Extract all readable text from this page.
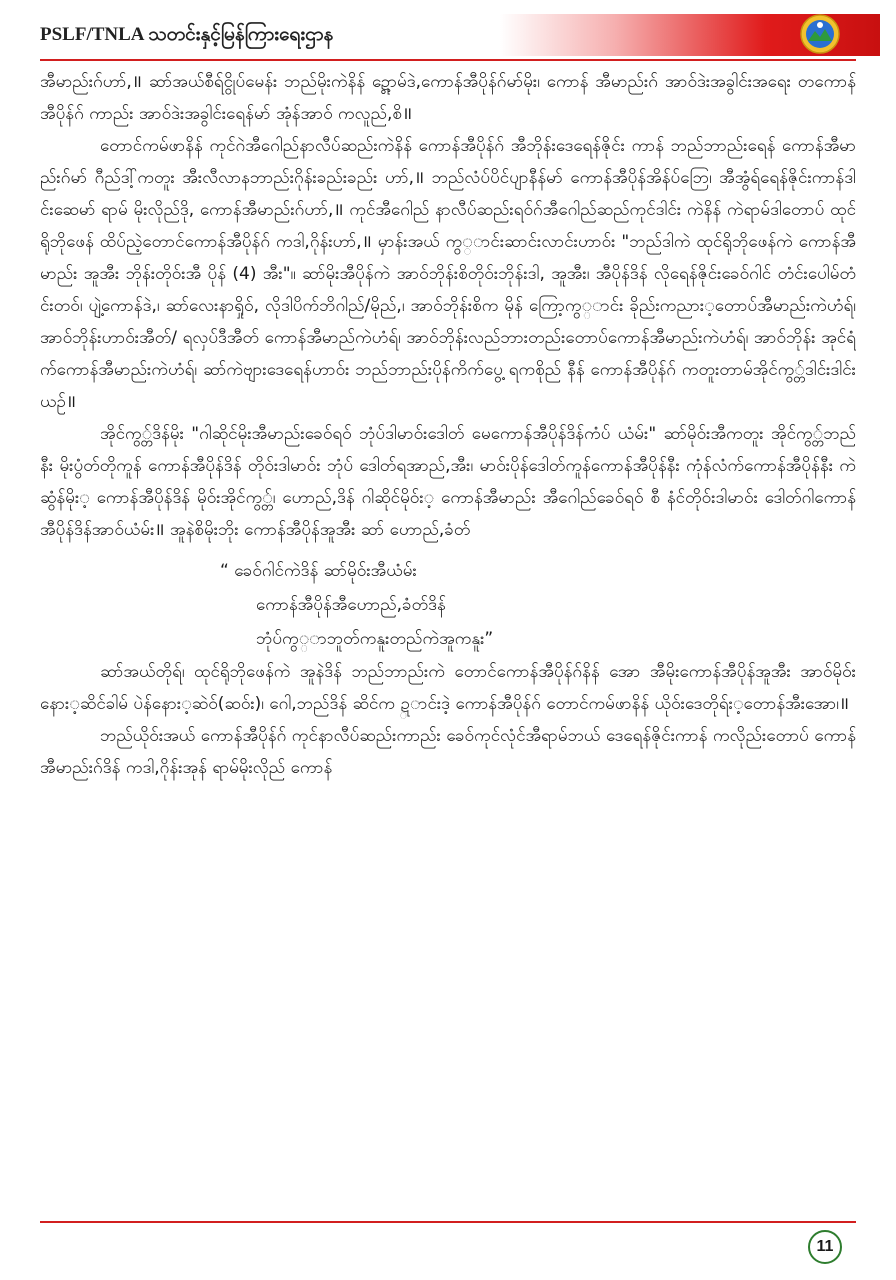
PSLF/TNLA သတင်းနှင့်မြန်ကြားရေးဌာန

အီမာည်းဂ်ဟာ်,॥ ဆာ်အယ်စီရ်ငွိုပ်မေန်း ဘည်မိုးကဲနိန် ဍွေ့ာမ်ဒဲ,ကောန်အီပိုန်ဂ်မာ်မိုး၊ ကောန် အီမာည်းဂ် အာဝ်ဒဲးအခွါင်းအရေး တကောန်အီပိုန်ဂ် ကာည်း အာဝ်ဒဲးအခွါင်းရေန်မာ် အုံန်အာဝ် ကလူည်,စိ॥

တောင်ကမ်ဖာနိန် ကုင်ဂဲအီဂေါည်နာလီပ်ဆည်းကဲနိန် ကောန်အီပိုန်ဂ် အီဘိုန်းဒေရေန်ဇိုင်း ကာန် ဘည်ဘာည်းရေန် ကောန်အီမာည်းဂ်မာ် ဂီည်ဒါ့်ကတူး အီးလီလာနဘာည်းဂိုန်းခည်းခည်း ဟာ်,॥ ဘည်လံပ်ပိင်ပျာနီန်မာ် ကောန်အီပိုန်အိန်ပ်ဘြေ၊ အီအွံရ်ရေန်ဇိုင်းကာန်ဒါင်းဆေမာ် ရာမ် မိုးလိုည်ဒို, ကောန်အီမာည်းဂ်ဟာ်,॥ ကုင်အီဂေါည် နာလီပ်ဆည်းရဝ်ဂ်အီဂေါည်ဆည်ကုင်ဒါင်း ကဲနိန် ကဲရာမ်ဒါတောပ် ထုင်ရိုဘိုဖေန် ထိပ်ညဲ့တောင်ကောန်အီပိုန်ဂ် ကဒါ,ဂိုန်းဟာ်,॥ မှာန်းအယ် ကွ္ာင်းဆာင်းလာင်းဟာဝ်း "ဘည်ဒါကဲ ထုင်ရိုဘိုဖေန်ကဲ ကောန်အီမာည်း အူအီး ဘိုန်းတိုဝ်းအီ ပိုန် (4) အီး"။ ဆာ်မိုးအီပိုန်ကဲ အာဝ်ဘိုန်းစိတိုဝ်းဘိုန်းဒါ, အူအီး၊ အီပိုန်ဒိန် လိုရေန်ဇိုင်းခေဝ်ဂါင် တံင်းပေါမ်တံင်းတဝ်၊ ပျဲ့ကောန်ဒဲ,၊ ဆာ်လေးနာရှိုဝ်, လိုဒါပိက်ဘိဂါည်/မိုည်,၊ အာဝ်ဘိုန်းစိက မိုန် ကြော့ကွ္ာင်း ခိုည်းကညား့တောပ်အီမာည်းကဲဟံရ်၊ အာဝ်ဘိုန်းဟာဝ်းအီတ်/ ရလှပ်ဒီအီတ် ကောန်အီမာည်ကဲဟံရ်၊ အာဝ်ဘိုန်းလည်ဘားတည်းတောပ်ကောန်အီမာည်းကဲဟံရ်၊ အာဝ်ဘိုန်း အုင်ရံက်ကောန်အီမာည်းကဲဟံရ်၊ ဆာ်ကဲဗျားဒေရေန်ဟာဝ်း ဘည်ဘာည်းပိုန်ကိက်ပွေ့ ရကစိုည် နီန် ကောန်အီပိုန်ဂ် ကတူးတာမ်အိုင်ကွ္တ်ဒါင်းဒါင်းယဉ်॥

အိုင်ကွ္တ်ဒိန်မိုး "ဂါဆိုင်မိုးအီမာည်းခေဝ်ရဝ် ဘုံပ်ဒါမာဝ်းဒေါတ် မေကောန်အီပိုန်ဒိန်ကံပ် ယံမ်း" ဆာ်မိုဝ်းအီကတူး အိုင်ကွ္တ်ဘည်နီး မိုးပွံတ်တိုကူန် ကောန်အီပိုန်ဒိန် တိုဝ်းဒါမာဝ်း ဘုံပ် ဒေါတ်ရအာည်,အီး၊ မာဝ်းပိုန်ဒေါတ်ကူန်ကောန်အီပိုန်နီး ကုံန်လံက်ကောန်အီပိုန်နီး ကဲဆွံန်မိုး့ ကောန်အီပိုန်ဒိန် မိုဝ်းအိုင်ကွ္တ်၊ ဟောည်,ဒိန် ဂါဆိုင်မိုဝ်း့ ကောန်အီမာည်း အီဂေါည်ခေဝ်ရဝ် စီ နံင်တိုဝ်းဒါမာဝ်း ဒေါတ်ဂါကောန်အီပိုန်ဒိန်အာဝ်ယံမ်း॥ အူနဲစိမိုးဘိုး ကောန်အီပိုန်အူအီး ဆာ် ဟောည်,ခံတ်

“ ခေဝ်ဂါင်ကဲဒိန် ဆာ်မိုဝ်းအီယံမ်း
ကောန်အီပိုန်အီဟောည်,ခံတ်ဒိန်
ဘုံပ်ကွ္ာဘူတ်ကနူးတည်ကဲအူကနူး”

ဆာ်အယ်တိုရ်၊ ထုင်ရိုဘိုဖေန်ကဲ အူနဲဒိန် ဘည်ဘာည်းကဲ တောင်ကောန်အီပိုန်ဂ်နိန် အော အီမိုးကောန်အီပိုန်အူအီး အာဝ်မိုဝ်းနေား့ဆိင်ခါမ် ပဲန်နေား့ဆဲဝ်(ဆဝ်း)၊ ဂေါ,ဘည်ဒိန် ဆိင်က ဍ္ာင်းဒဲ့ ကောန်အီပိုန်ဂ် တောင်ကမ်ဖာနိန် ယိုဝ်းဒေတိုရ်း့တောန်အီးအော၊॥

ဘည်ယိုဝ်းအယ် ကောန်အီပိုန်ဂ် ကုင်နာလီပ်ဆည်းကာည်း ခေဝ်ကုင်လုံင်အီရာမ်ဘယ် ဒေရေန်ဇိုင်းကာန် ကလိုည်းတောပ် ကောန်အီမာည်းဂ်ဒိန် ကဒါ,ဂိုန်းအုန် ရာမ်မိုးလိုည် ကောန်

11
